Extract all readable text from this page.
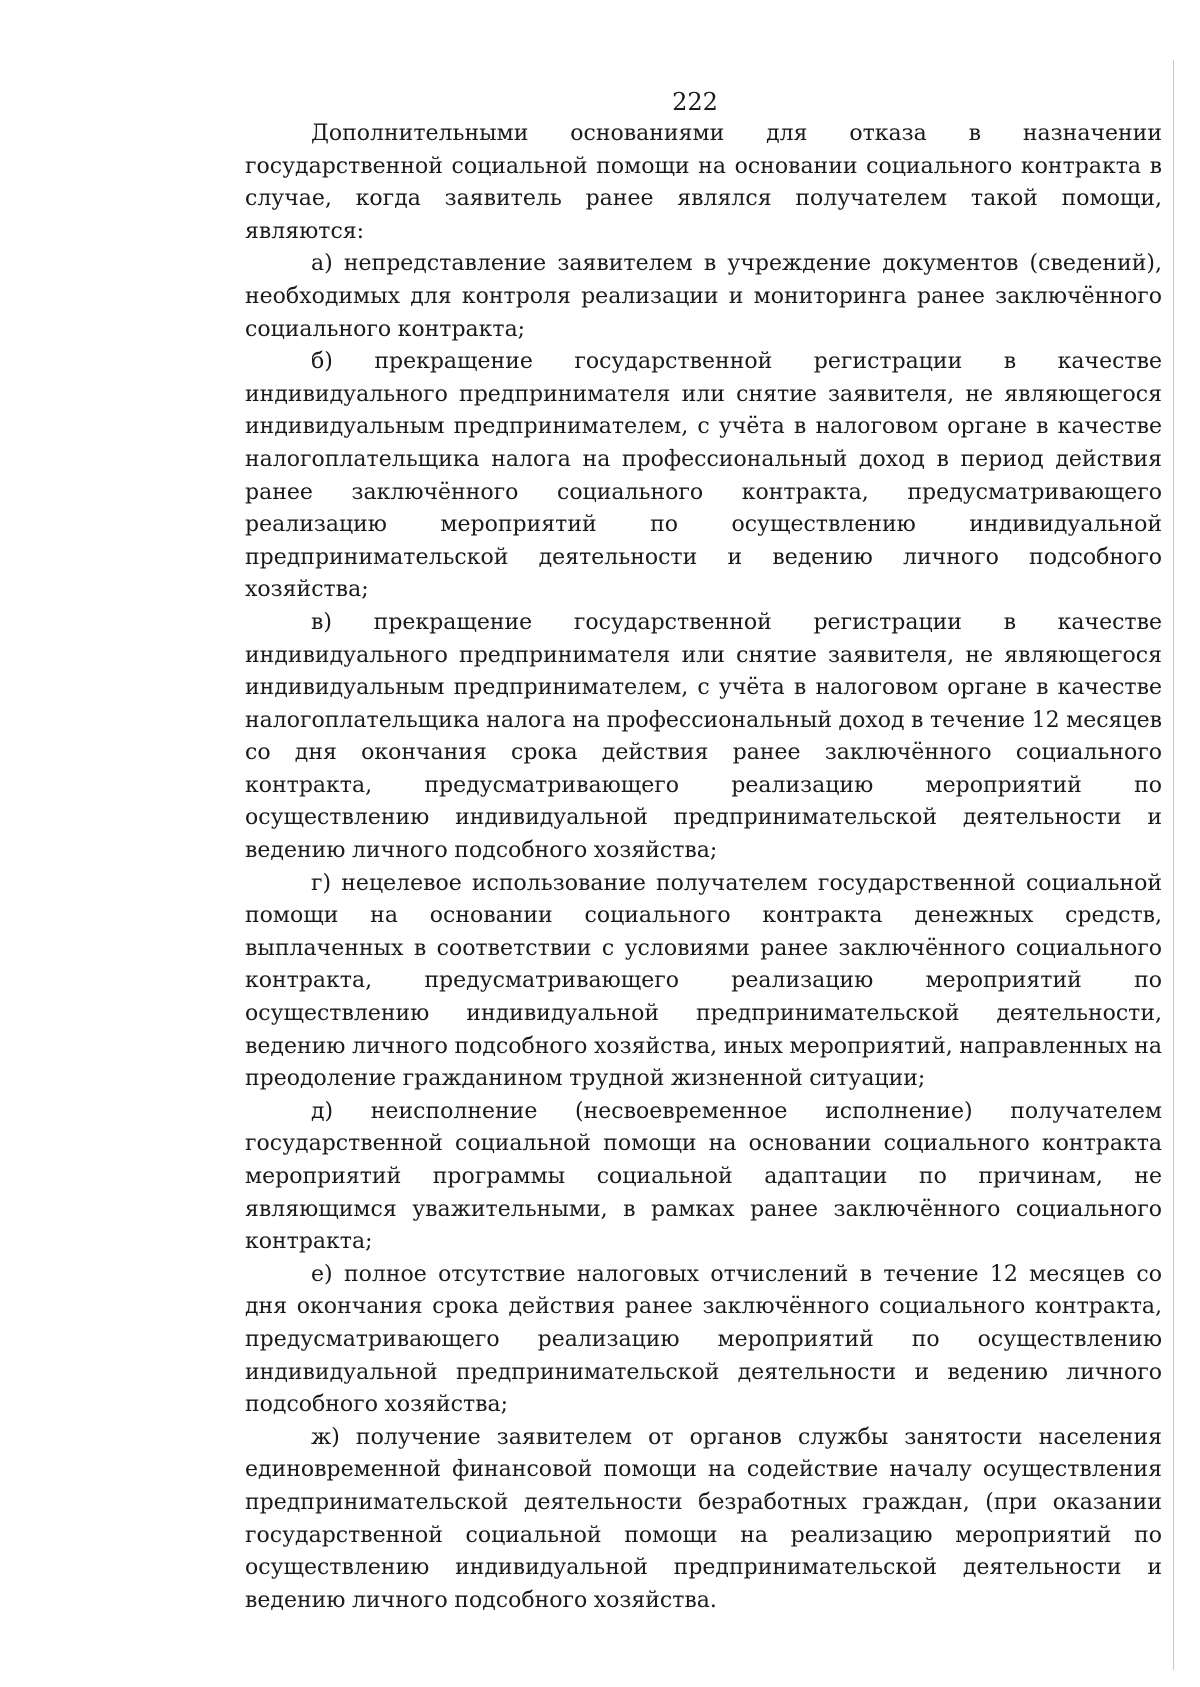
222

Дополнительными основаниями для отказа в назначении государственной социальной помощи на основании социального контракта в случае, когда заявитель ранее являлся получателем такой помощи, являются:

а) непредставление заявителем в учреждение документов (сведений), необходимых для контроля реализации и мониторинга ранее заключённого социального контракта;

б) прекращение государственной регистрации в качестве индивидуального предпринимателя или снятие заявителя, не являющегося индивидуальным предпринимателем, с учёта в налоговом органе в качестве налогоплательщика налога на профессиональный доход в период действия ранее заключённого социального контракта, предусматривающего реализацию мероприятий по осуществлению индивидуальной предпринимательской деятельности и ведению личного подсобного хозяйства;

в) прекращение государственной регистрации в качестве индивидуального предпринимателя или снятие заявителя, не являющегося индивидуальным предпринимателем, с учёта в налоговом органе в качестве налогоплательщика налога на профессиональный доход в течение 12 месяцев со дня окончания срока действия ранее заключённого социального контракта, предусматривающего реализацию мероприятий по осуществлению индивидуальной предпринимательской деятельности и ведению личного подсобного хозяйства;

г) нецелевое использование получателем государственной социальной помощи на основании социального контракта денежных средств, выплаченных в соответствии с условиями ранее заключённого социального контракта, предусматривающего реализацию мероприятий по осуществлению индивидуальной предпринимательской деятельности, ведению личного подсобного хозяйства, иных мероприятий, направленных на преодоление гражданином трудной жизненной ситуации;

д) неисполнение (несвоевременное исполнение) получателем государственной социальной помощи на основании социального контракта мероприятий программы социальной адаптации по причинам, не являющимся уважительными, в рамках ранее заключённого социального контракта;

е) полное отсутствие налоговых отчислений в течение 12 месяцев со дня окончания срока действия ранее заключённого социального контракта, предусматривающего реализацию мероприятий по осуществлению индивидуальной предпринимательской деятельности и ведению личного подсобного хозяйства;

ж) получение заявителем от органов службы занятости населения единовременной финансовой помощи на содействие началу осуществления предпринимательской деятельности безработных граждан, (при оказании государственной социальной помощи на реализацию мероприятий по осуществлению индивидуальной предпринимательской деятельности и ведению личного подсобного хозяйства.
